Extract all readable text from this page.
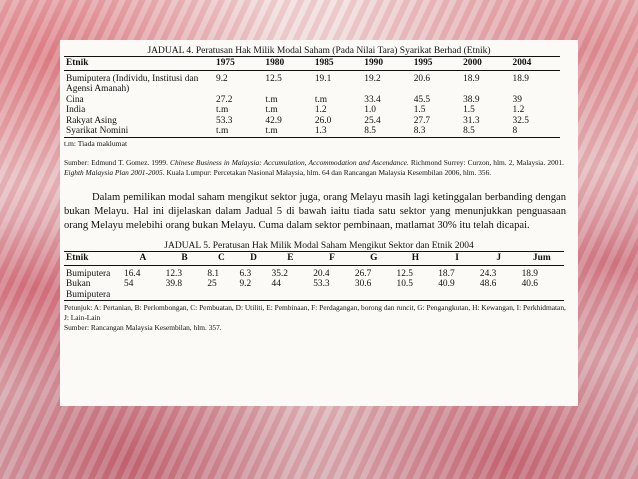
JADUAL 4. Peratusan Hak Milik Modal Saham (Pada Nilai Tara) Syarikat Berhad (Etnik)

Etnik	1975	1980	1985	1990	1995	2000	2004

Bumiputera (Individu, Institusi dan Agensi Amanah)	9.2	12.5	19.1	19.2	20.6	18.9	18.9
Cina	27.2	t.m	t.m	33.4	45.5	38.9	39
India	t.m	t.m	1.2	1.0	1.5	1.5	1.2
Rakyat Asing	53.3	42.9	26.0	25.4	27.7	31.3	32.5
Syarikat Nomini	t.m	t.m	1.3	8.5	8.3	8.5	8

t.m: Tiada maklumat

Sumber: Edmund T. Gomez. 1999. Chinese Business in Malaysia: Accumulation, Accommodation and Ascendance. Richmond Surrey: Curzon, hlm. 2, Malaysia. 2001. Eighth Malaysia Plan 2001-2005. Kuala Lumpur: Percetakan Nasional Malaysia, hlm. 64 dan Rancangan Malaysia Kesembilan 2006, hlm. 356.

Dalam pemilikan modal saham mengikut sektor juga, orang Melayu masih lagi ketinggalan berbanding dengan bukan Melayu. Hal ini dijelaskan dalam Jadual 5 di bawah iaitu tiada satu sektor yang menunjukkan penguasaan orang Melayu melebihi orang bukan Melayu. Cuma dalam sektor pembinaan, matlamat 30% itu telah dicapai.

JADUAL 5. Peratusan Hak Milik Modal Saham Mengikut Sektor dan Etnik 2004

Etnik	A	B	C	D	E	F	G	H	I	J	Jum

Bumiputera	16.4	12.3	8.1	6.3	35.2	20.4	26.7	12.5	18.7	24.3	18.9
Bukan Bumiputera	54	39.8	25	9.2	44	53.3	30.6	10.5	40.9	48.6	40.6

Petunjuk: A: Pertanian, B: Perlombongan, C: Pembuatan, D: Utiliti, E: Pembinaan, F: Perdagangan, borong dan runcit, G: Pengangkutan, H: Kewangan, I: Perkhidmatan, J: Lain-Lain
Sumber: Rancangan Malaysia Kesembilan, hlm. 357.
